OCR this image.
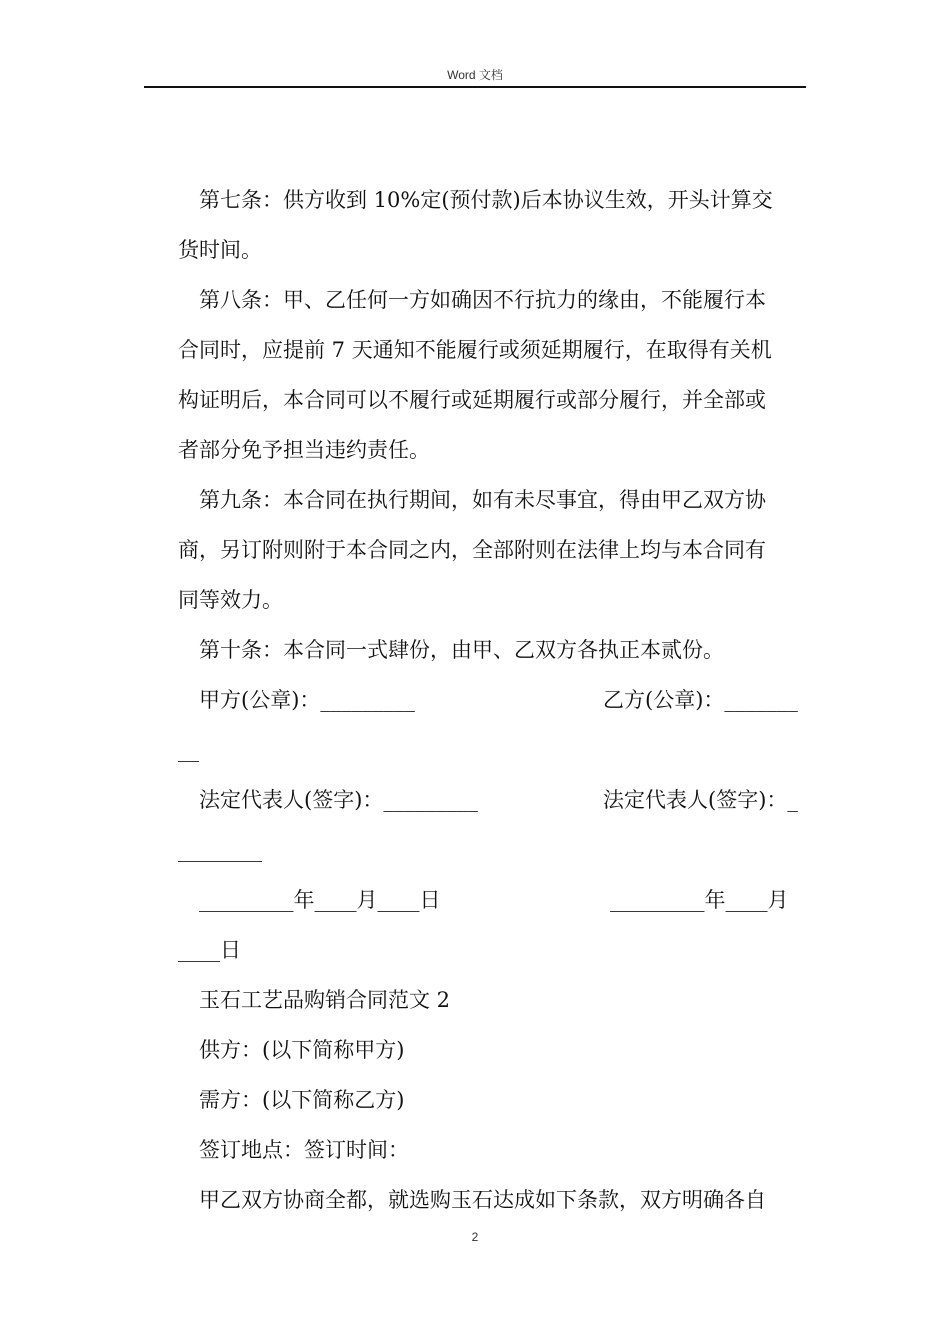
Word 文档
第七条：供方收到 10%定(预付款)后本协议生效，开头计算交
货时间。
第八条：甲、乙任何一方如确因不行抗力的缘由，不能履行本
合同时，应提前 7 天通知不能履行或须延期履行，在取得有关机
构证明后，本合同可以不履行或延期履行或部分履行，并全部或
者部分免予担当违约责任。
第九条：本合同在执行期间，如有未尽事宜，得由甲乙双方协
商，另订附则附于本合同之内，全部附则在法律上均与本合同有
同等效力。
第十条：本合同一式肆份，由甲、乙双方各执正本贰份。
甲方(公章)：_________	乙方(公章)：_______
__
法定代表人(签字)：_________	法定代表人(签字)：_
________
_________年____月____日	_________年____月
____日
玉石工艺品购销合同范文 2
供方：(以下简称甲方)
需方：(以下简称乙方)
签订地点：签订时间：
甲乙双方协商全都，就选购玉石达成如下条款，双方明确各自
2
